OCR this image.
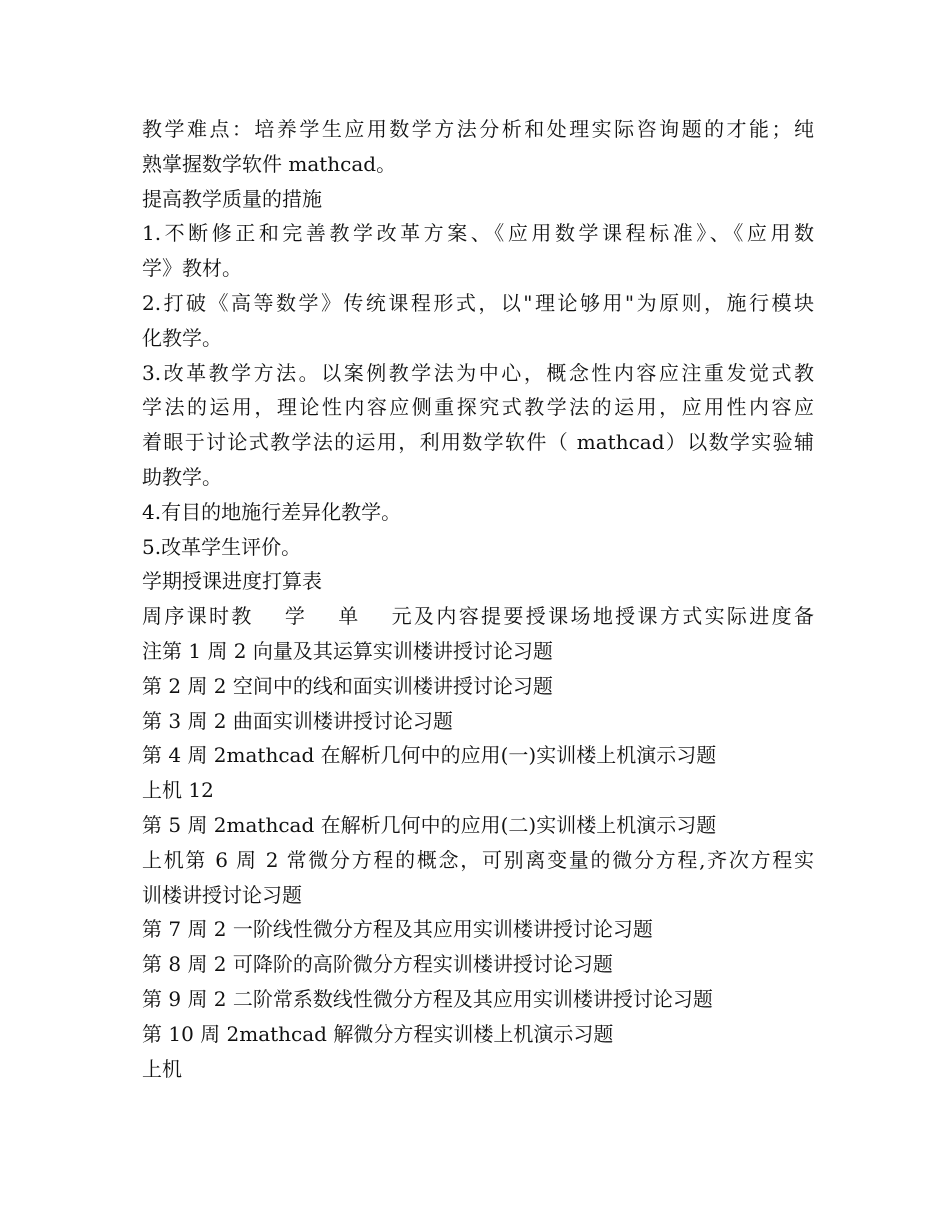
教学难点：培养学生应用数学方法分析和处理实际咨询题的才能；纯
熟掌握数学软件 mathcad。
提高教学质量的措施
1.不断修正和完善教学改革方案、《应用数学课程标准》、《应用数
学》教材。
2.打破《高等数学》传统课程形式，以"理论够用"为原则，施行模块
化教学。
3.改革教学方法。以案例教学法为中心，概念性内容应注重发觉式教
学法的运用，理论性内容应侧重探究式教学法的运用，应用性内容应
着眼于讨论式教学法的运用，利用数学软件（ mathcad）以数学实验辅
助教学。
4.有目的地施行差异化教学。
5.改革学生评价。
学期授课进度打算表
周序课时教　 学　 单　 元及内容提要授课场地授课方式实际进度备
注第 1 周 2 向量及其运算实训楼讲授讨论习题
第 2 周 2 空间中的线和面实训楼讲授讨论习题
第 3 周 2 曲面实训楼讲授讨论习题
第 4 周 2mathcad 在解析几何中的应用(一)实训楼上机演示习题
上机 12
第 5 周 2mathcad 在解析几何中的应用(二)实训楼上机演示习题
上机第 6 周 2 常微分方程的概念，可别离变量的微分方程,齐次方程实
训楼讲授讨论习题
第 7 周 2 一阶线性微分方程及其应用实训楼讲授讨论习题
第 8 周 2 可降阶的高阶微分方程实训楼讲授讨论习题
第 9 周 2 二阶常系数线性微分方程及其应用实训楼讲授讨论习题
第 10 周 2mathcad 解微分方程实训楼上机演示习题
上机
